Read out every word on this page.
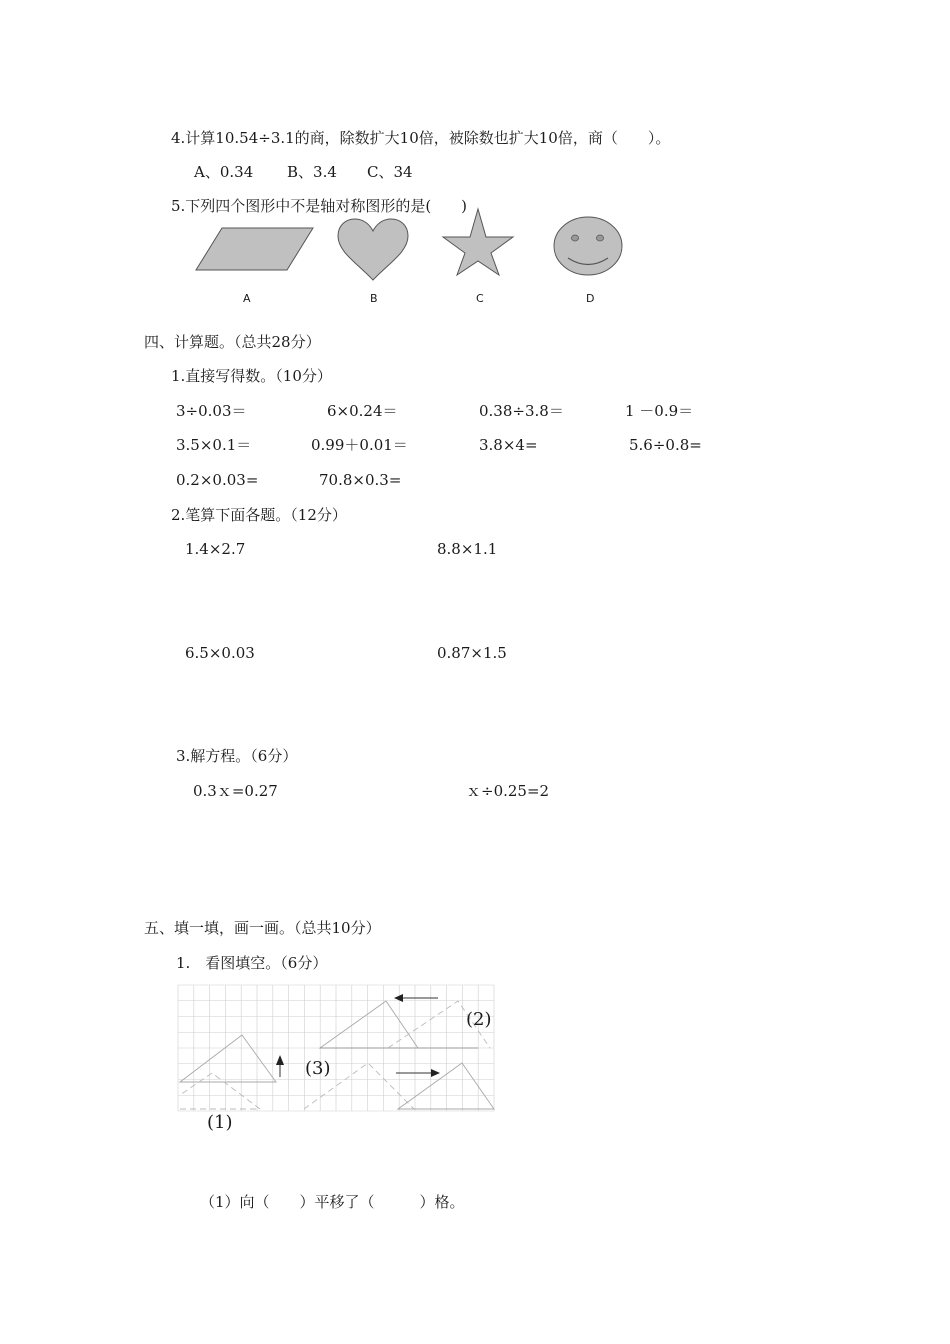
4.计算10.54÷3.1的商，除数扩大10倍，被除数也扩大10倍，商（　　）。
A、0.34 B、3.4 C、34
5.下列四个图形中不是轴对称图形的是(　　)
A	B	C	D
四、计算题。（总共28分）
1.直接写得数。（10分）
3÷0.03＝	6×0.24＝	0.38÷3.8＝	1 －0.9＝
3.5×0.1＝	0.99＋0.01＝	3.8×4=	5.6÷0.8=
0.2×0.03=	70.8×0.3=
2.笔算下面各题。（12分）
1.4×2.7	8.8×1.1
6.5×0.03	0.87×1.5
3.解方程。（6分）
0.3ｘ=0.27	ｘ÷0.25=2
五、填一填，画一画。（总共10分）
1.　看图填空。（6分）
(2)
(3)
(1)
（1）向（　　）平移了（　　　）格。
